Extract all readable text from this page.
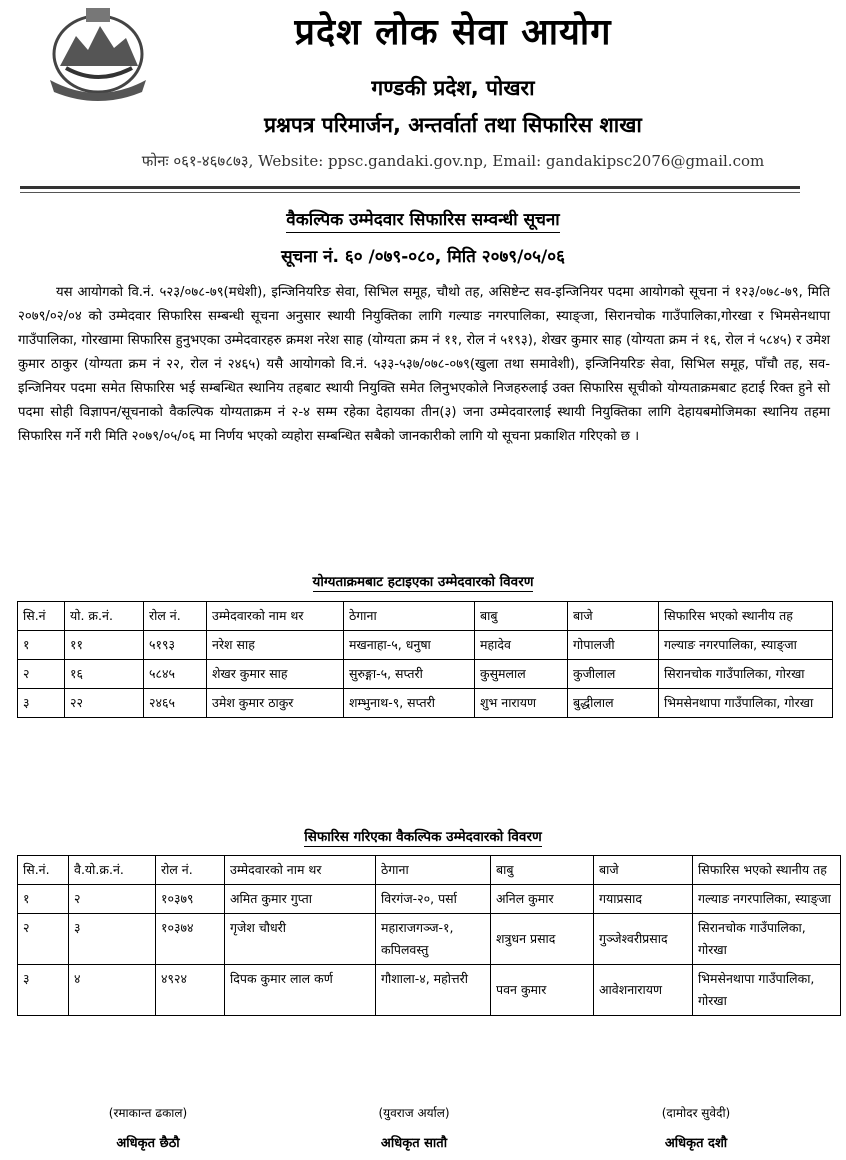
प्रदेश लोक सेवा आयोग
गण्डकी प्रदेश, पोखरा
प्रश्नपत्र परिमार्जन, अन्तर्वार्ता तथा सिफारिस शाखा
फोनः ०६१-४६७८७३, Website: ppsc.gandaki.gov.np, Email: gandakipsc2076@gmail.com
वैकल्पिक उम्मेदवार सिफारिस सम्वन्धी सूचना
सूचना नं. ६० /०७९-०८०, मिति २०७९/०५/०६
यस आयोगको वि.नं. ५२३/०७८-७९(मधेशी), इन्जिनियरिङ सेवा, सिभिल समूह, चौथो तह, असिष्टेन्ट सव-इन्जिनियर पदमा आयोगको सूचना नं १२३/०७८-७९, मिति २०७९/०२/०४ को उम्मेदवार सिफारिस सम्बन्धी सूचना अनुसार स्थायी नियुक्तिका लागि गल्याङ नगरपालिका, स्याङ्जा, सिरानचोक गाउँपालिका,गोरखा र भिमसेनथापा गाउँपालिका, गोरखामा सिफारिस हुनुभएका उम्मेदवारहरु क्रमश नरेश साह (योग्यता क्रम नं ११, रोल नं ५१९३), शेखर कुमार साह (योग्यता क्रम नं १६, रोल नं ५८४५) र उमेश कुमार ठाकुर (योग्यता क्रम नं २२, रोल नं २४६५) यसै आयोगको वि.नं. ५३३-५३७/०७८-०७९(खुला तथा समावेशी), इन्जिनियरिङ सेवा, सिभिल समूह, पाँचौ तह, सव- इन्जिनियर पदमा समेत सिफारिस भई सम्बन्धित स्थानिय तहबाट स्थायी नियुक्ति समेत लिनुभएकोले निजहरुलाई उक्त सिफारिस सूचीको योग्यताक्रमबाट हटाई रिक्त हुने सो पदमा सोही विज्ञापन/सूचनाको वैकल्पिक योग्यताक्रम नं २-४ सम्म रहेका देहायका तीन(३) जना उम्मेदवारलाई स्थायी नियुक्तिका लागि देहायबमोजिमका स्थानिय तहमा सिफारिस गर्ने गरी मिति २०७९/०५/०६ मा निर्णय भएको व्यहोरा सम्बन्धित सबैको जानकारीको लागि यो सूचना प्रकाशित गरिएको छ ।
योग्यताक्रमबाट हटाइएका उम्मेदवारको विवरण
सि.नं	यो. क्र.नं.	रोल नं.	उम्मेदवारको नाम थर	ठेगाना	बाबु	बाजे	सिफारिस भएको स्थानीय तह
१	११	५१९३	नरेश साह	मखनाहा-५, धनुषा	महादेव	गोपालजी	गल्याङ नगरपालिका, स्याङ्जा
२	१६	५८४५	शेखर कुमार साह	सुरुङ्गा-५, सप्तरी	कुसुमलाल	कुजीलाल	सिरानचोक गाउँपालिका, गोरखा
३	२२	२४६५	उमेश कुमार ठाकुर	शम्भुनाथ-९, सप्तरी	शुभ नारायण	बुद्धीलाल	भिमसेनथापा गाउँपालिका, गोरखा
सिफारिस गरिएका वैकल्पिक उम्मेदवारको विवरण
सि.नं.	वै.यो.क्र.नं.	रोल नं.	उम्मेदवारको नाम थर	ठेगाना	बाबु	बाजे	सिफारिस भएको स्थानीय तह
१	२	१०३७९	अमित कुमार गुप्ता	विरगंज-२०, पर्सा	अनिल कुमार	गयाप्रसाद	गल्याङ नगरपालिका, स्याङ्जा
२	३	१०३७४	गृजेश चौधरी	महाराजगञ्ज-१, कपिलवस्तु	शत्रुधन प्रसाद	गुञ्जेश्वरीप्रसाद	सिरानचोक गाउँपालिका, गोरखा
३	४	४९२४	दिपक कुमार लाल कर्ण	गौशाला-४, महोत्तरी	पवन कुमार	आवेशनारायण	भिमसेनथापा गाउँपालिका, गोरखा
(रमाकान्त ढकाल)
अधिकृत छैठौ
(युवराज अर्याल)
अधिकृत सातौ
(दामोदर सुवेदी)
अधिकृत दशौ
